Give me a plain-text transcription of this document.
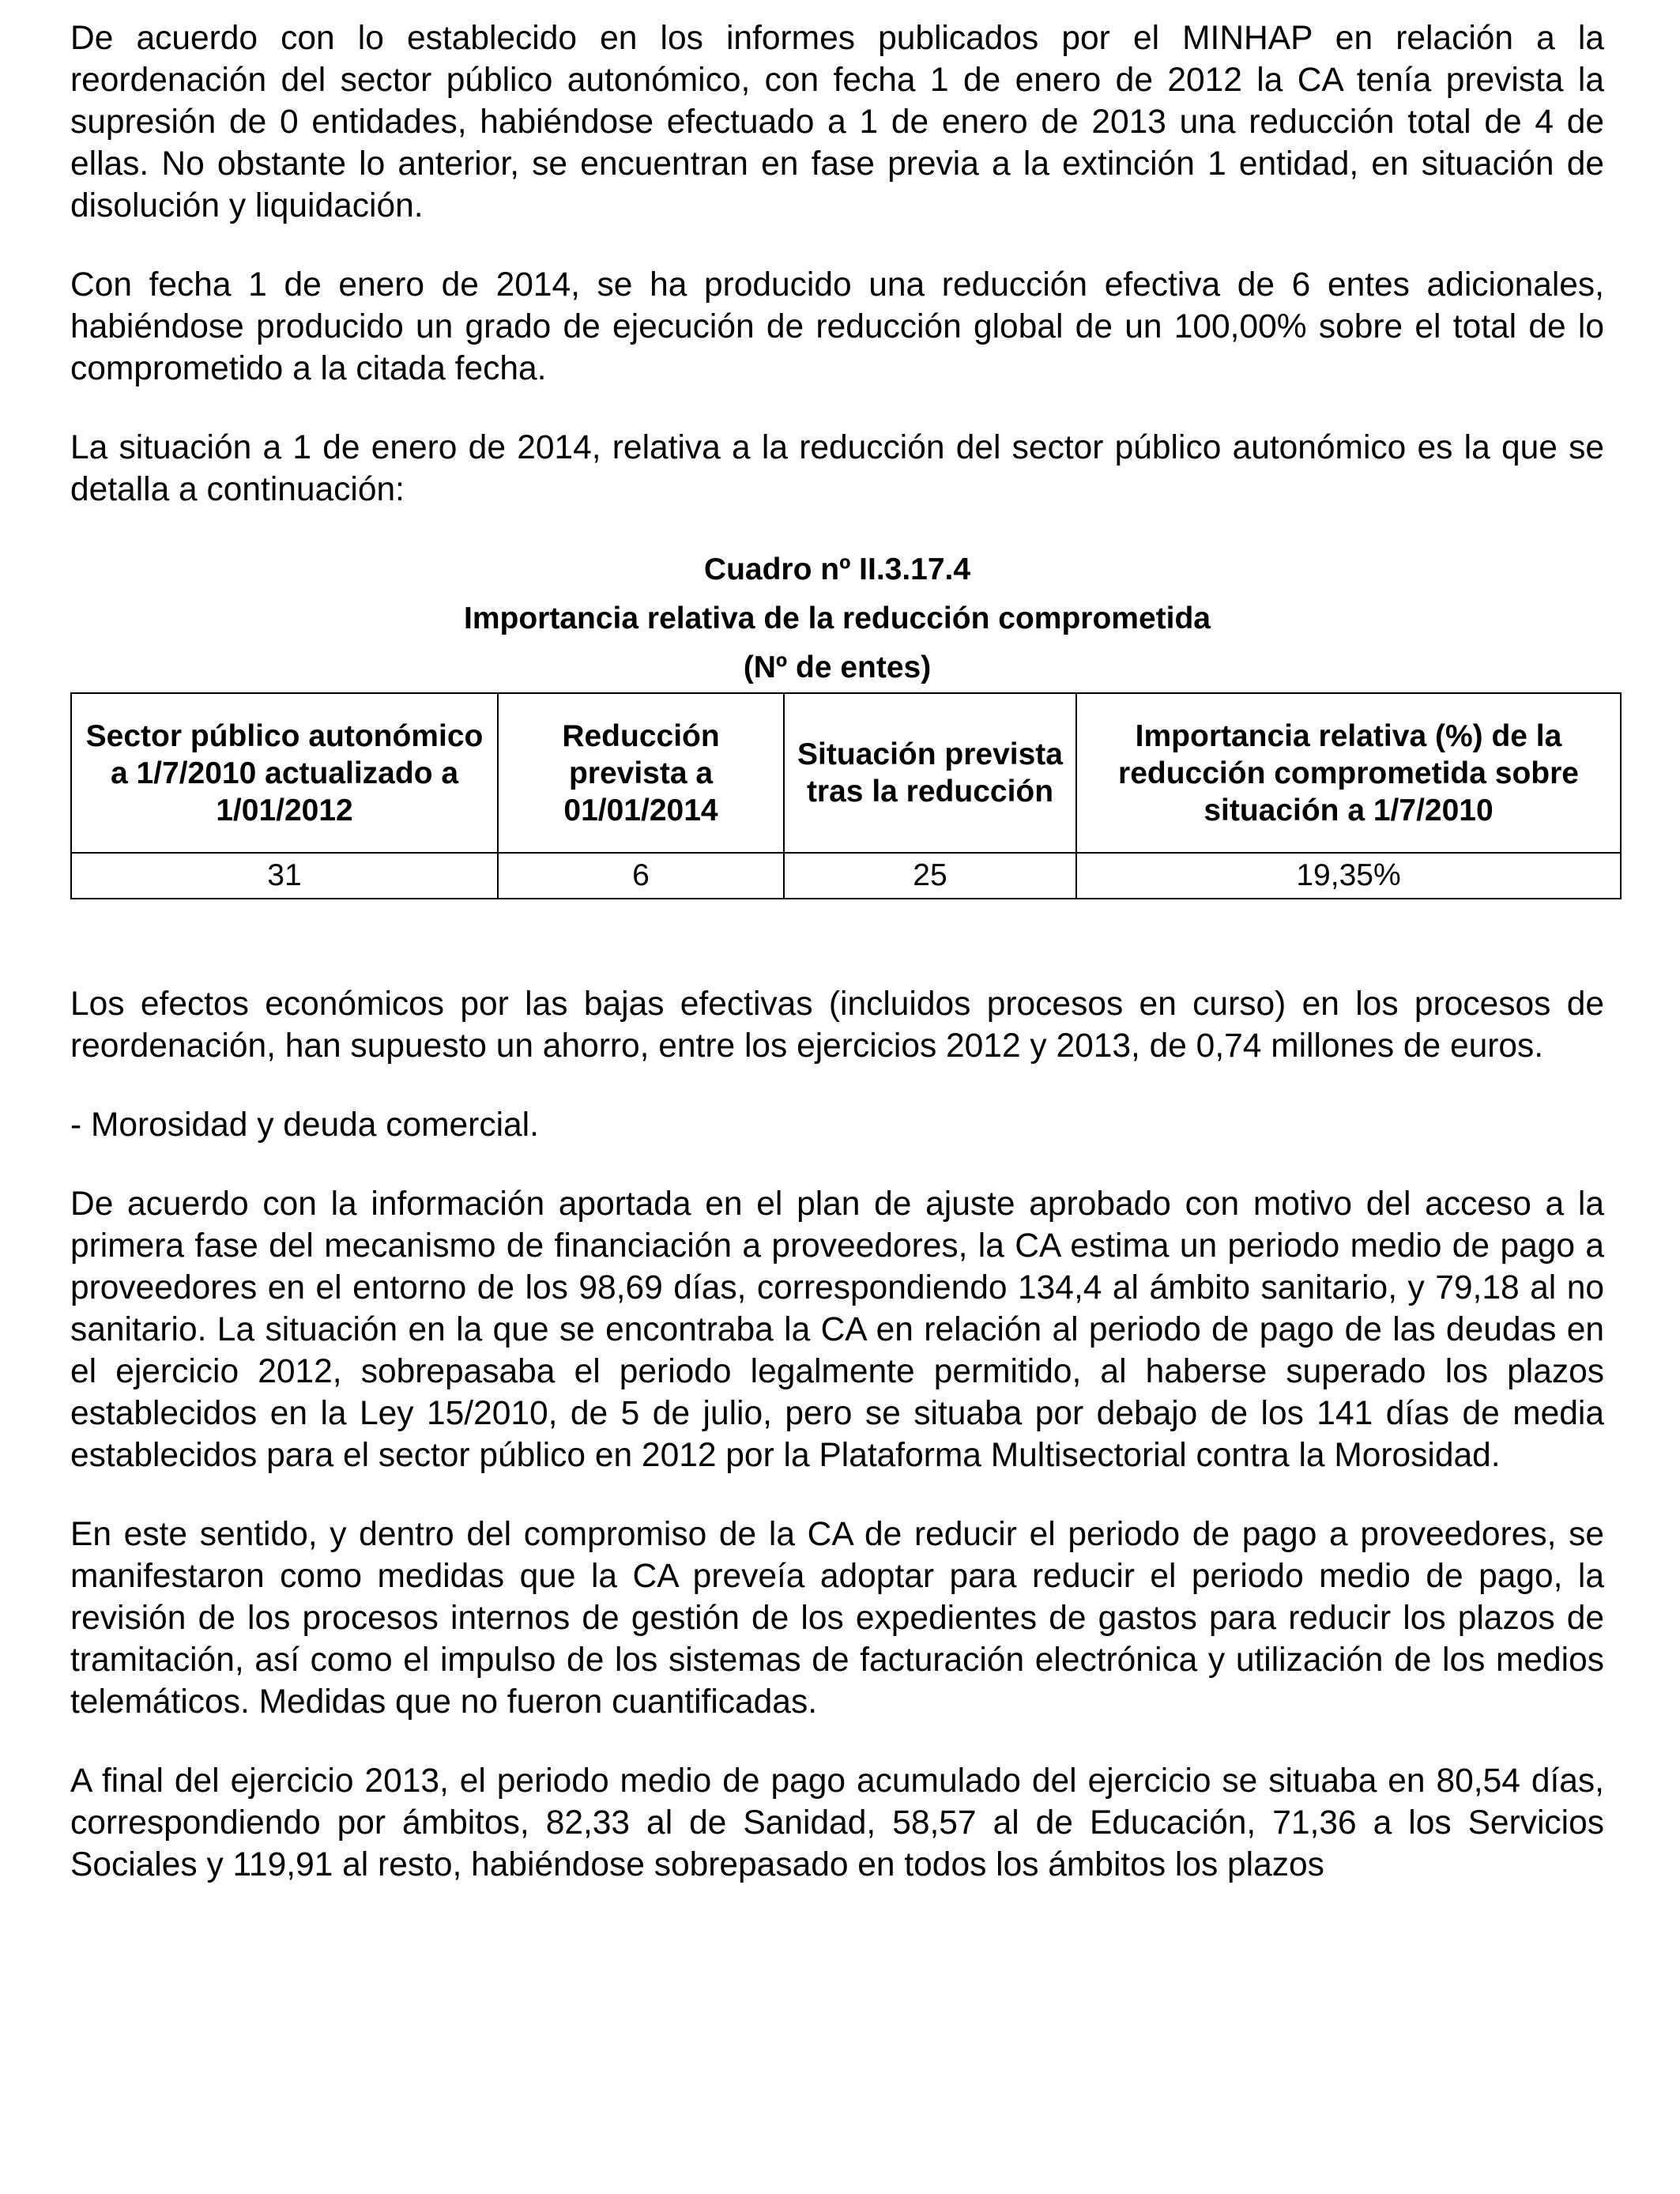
De acuerdo con lo establecido en los informes publicados por el MINHAP en relación a la reordenación del sector público autonómico, con fecha 1 de enero de 2012 la CA tenía prevista la supresión de 0 entidades, habiéndose efectuado a 1 de enero de 2013 una reducción total de 4 de ellas. No obstante lo anterior, se encuentran en fase previa a la extinción 1 entidad, en situación de disolución y liquidación.

Con fecha 1 de enero de 2014, se ha producido una reducción efectiva de 6 entes adicionales, habiéndose producido un grado de ejecución de reducción global de un 100,00% sobre el total de lo comprometido a la citada fecha.

La situación a 1 de enero de 2014, relativa a la reducción del sector público autonómico es la que se detalla a continuación:

Cuadro nº II.3.17.4

Importancia relativa de la reducción comprometida

(Nº de entes)

Sector público autonómico a 1/7/2010 actualizado a 1/01/2012	Reducción prevista a 01/01/2014	Situación prevista tras la reducción	Importancia relativa (%) de la reducción comprometida sobre situación a 1/7/2010
31	6	25	19,35%

Los efectos económicos por las bajas efectivas (incluidos procesos en curso) en los procesos de reordenación, han supuesto un ahorro, entre los ejercicios 2012 y 2013, de 0,74 millones de euros.

- Morosidad y deuda comercial.

De acuerdo con la información aportada en el plan de ajuste aprobado con motivo del acceso a la primera fase del mecanismo de financiación a proveedores, la CA estima un periodo medio de pago a proveedores en el entorno de los 98,69 días, correspondiendo 134,4 al ámbito sanitario, y 79,18 al no sanitario. La situación en la que se encontraba la CA en relación al periodo de pago de las deudas en el ejercicio 2012, sobrepasaba el periodo legalmente permitido, al haberse superado los plazos establecidos en la Ley 15/2010, de 5 de julio, pero se situaba por debajo de los 141 días de media establecidos para el sector público en 2012 por la Plataforma Multisectorial contra la Morosidad.

En este sentido, y dentro del compromiso de la CA de reducir el periodo de pago a proveedores, se manifestaron como medidas que la CA preveía adoptar para reducir el periodo medio de pago, la revisión de los procesos internos de gestión de los expedientes de gastos para reducir los plazos de tramitación, así como el impulso de los sistemas de facturación electrónica y utilización de los medios telemáticos. Medidas que no fueron cuantificadas.

A final del ejercicio 2013, el periodo medio de pago acumulado del ejercicio se situaba en 80,54 días, correspondiendo por ámbitos, 82,33 al de Sanidad, 58,57 al de Educación, 71,36 a los Servicios Sociales y 119,91 al resto, habiéndose sobrepasado en todos los ámbitos los plazos
